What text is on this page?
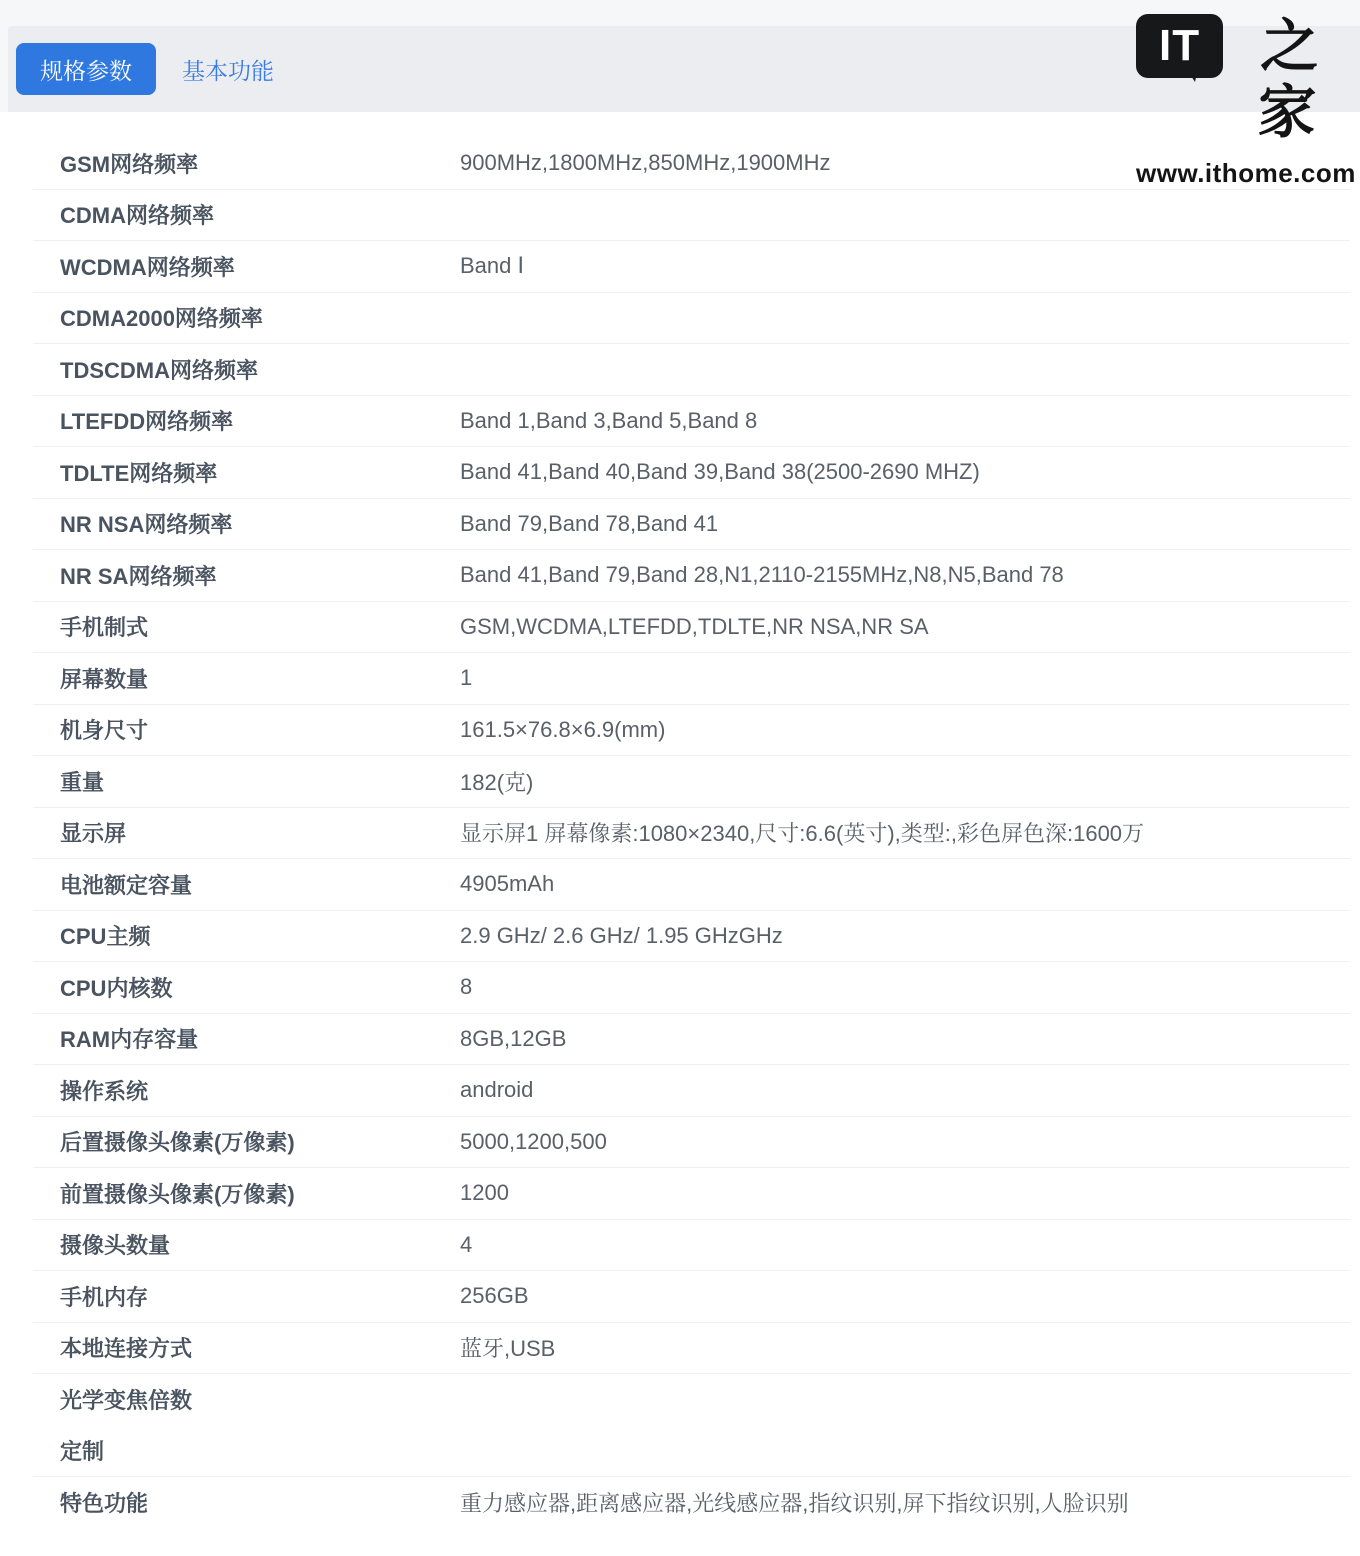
规格参数	基本功能
IT	之家
www.ithome.com
GSM网络频率	900MHz,1800MHz,850MHz,1900MHz
CDMA网络频率
WCDMA网络频率	Band Ⅰ
CDMA2000网络频率
TDSCDMA网络频率
LTEFDD网络频率	Band 1,Band 3,Band 5,Band 8
TDLTE网络频率	Band 41,Band 40,Band 39,Band 38(2500-2690 MHZ)
NR NSA网络频率	Band 79,Band 78,Band 41
NR SA网络频率	Band 41,Band 79,Band 28,N1,2110-2155MHz,N8,N5,Band 78
手机制式	GSM,WCDMA,LTEFDD,TDLTE,NR NSA,NR SA
屏幕数量	1
机身尺寸	161.5×76.8×6.9(mm)
重量	182(克)
显示屏	显示屏1 屏幕像素:1080×2340,尺寸:6.6(英寸),类型:,彩色屏色深:1600万
电池额定容量	4905mAh
CPU主频	2.9 GHz/ 2.6 GHz/ 1.95 GHzGHz
CPU内核数	8
RAM内存容量	8GB,12GB
操作系统	android
后置摄像头像素(万像素)	5000,1200,500
前置摄像头像素(万像素)	1200
摄像头数量	4
手机内存	256GB
本地连接方式	蓝牙,USB
光学变焦倍数
定制
特色功能	重力感应器,距离感应器,光线感应器,指纹识别,屏下指纹识别,人脸识别
